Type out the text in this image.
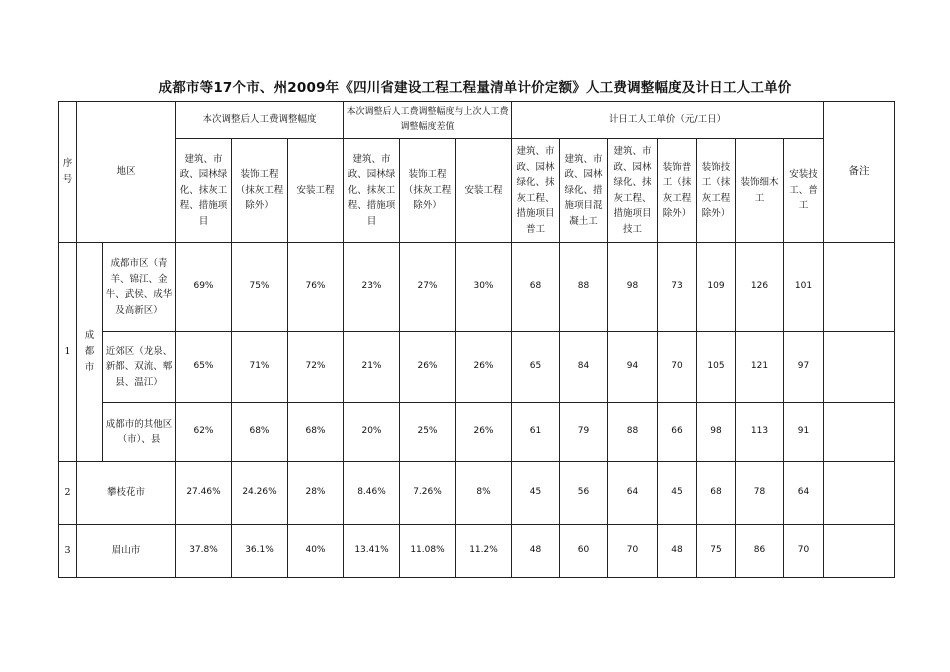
成都市等17个市、州2009年《四川省建设工程工程量清单计价定额》人工费调整幅度及计日工人工单价
序号	地区		本次调整后人工费调整幅度			本次调整后人工费调整幅度与上次人工费调整幅度差值			计日工人工单价（元/工日）							备注
			建筑、市政、园林绿化、抹灰工程、措施项目	装饰工程（抹灰工程除外）	安装工程	建筑、市政、园林绿化、抹灰工程、措施项目	装饰工程（抹灰工程除外）	安装工程	建筑、市政、园林绿化、抹灰工程、措施项目普工	建筑、市政、园林绿化、措施项目混凝土工	建筑、市政、园林绿化、抹灰工程、措施项目技工	装饰普工（抹灰工程除外）	装饰技工（抹灰工程除外）	装饰细木工	安装技工、普工	
1	成都市	成都市区（青羊、锦江、金牛、武侯、成华及高新区）	69%	75%	76%	23%	27%	30%	68	88	98	73	109	126	101	
		近郊区（龙泉、新都、双流、郫县、温江）	65%	71%	72%	21%	26%	26%	65	84	94	70	105	121	97	
		成都市的其他区（市）、县	62%	68%	68%	20%	25%	26%	61	79	88	66	98	113	91	
2	攀枝花市		27.46%	24.26%	28%	8.46%	7.26%	8%	45	56	64	45	68	78	64	
3	眉山市		37.8%	36.1%	40%	13.41%	11.08%	11.2%	48	60	70	48	75	86	70	
